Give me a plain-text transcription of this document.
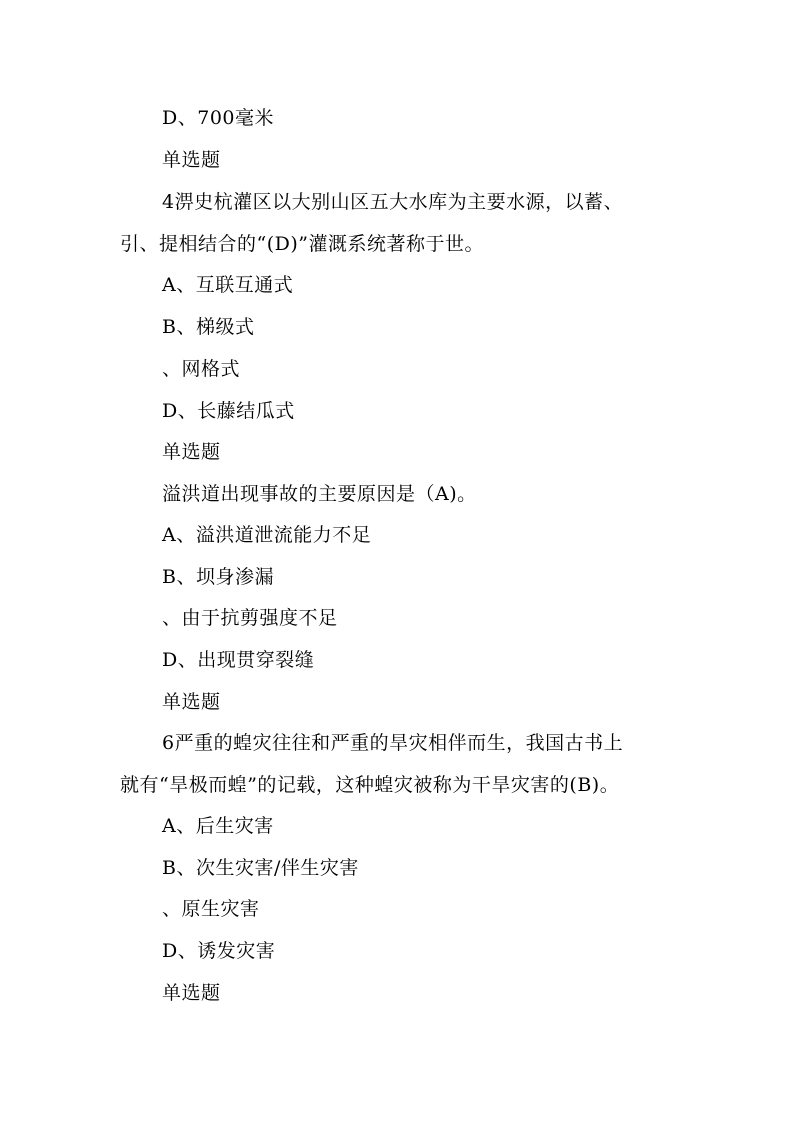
D、700毫米
单选题
4淠史杭灌区以大别山区五大水库为主要水源，以蓄、
引、提相结合的“(D)”灌溉系统著称于世。
A、互联互通式
B、梯级式
、网格式
D、长藤结瓜式
单选题
溢洪道出现事故的主要原因是（A)。
A、溢洪道泄流能力不足
B、坝身渗漏
、由于抗剪强度不足
D、出现贯穿裂缝
单选题
6严重的蝗灾往往和严重的旱灾相伴而生，我国古书上
就有“旱极而蝗”的记载，这种蝗灾被称为干旱灾害的(B)。
A、后生灾害
B、次生灾害/伴生灾害
、原生灾害
D、诱发灾害
单选题
